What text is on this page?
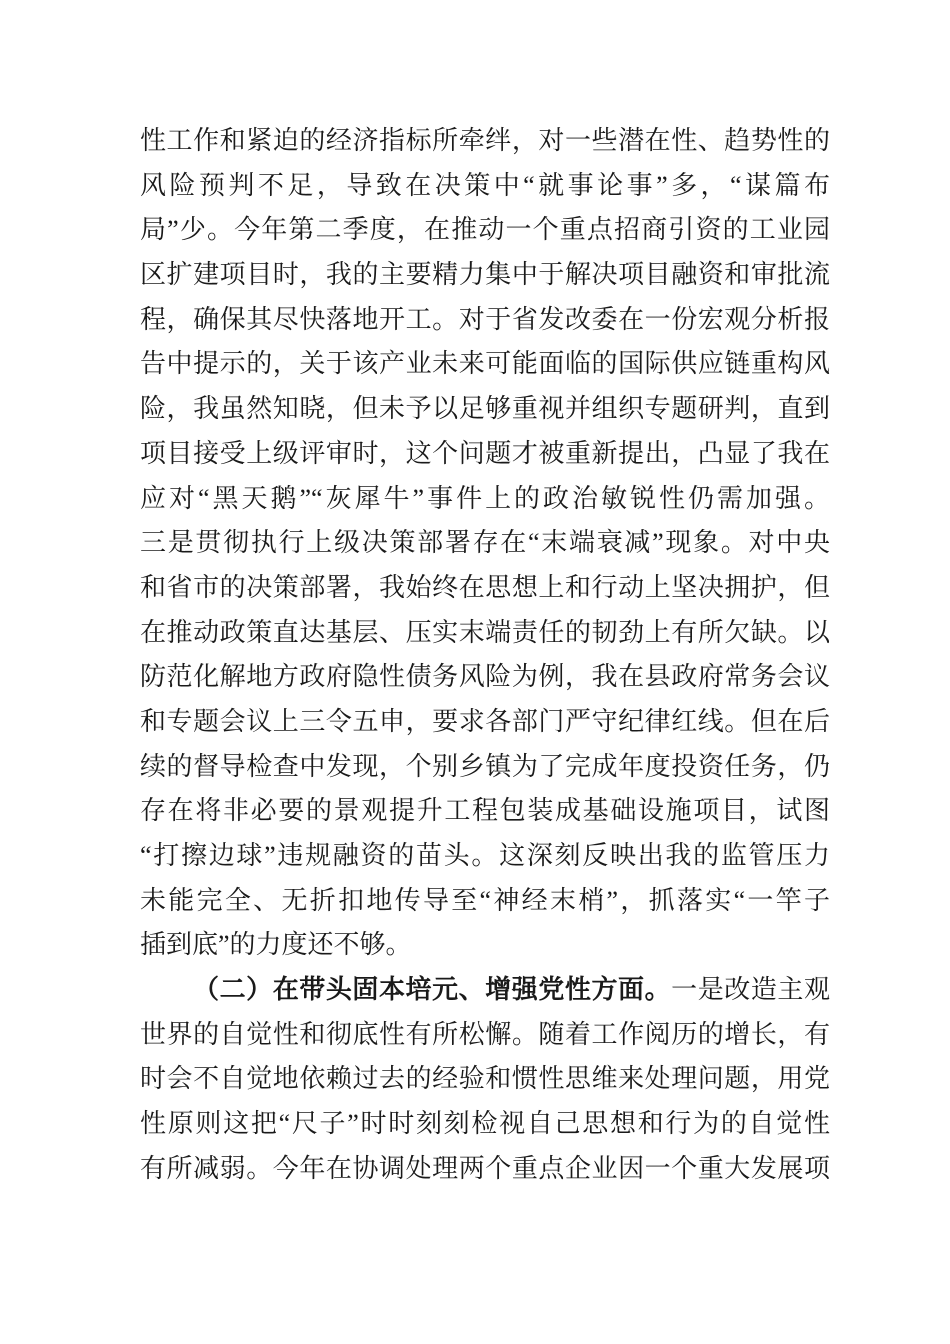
性工作和紧迫的经济指标所牵绊，对一些潜在性、趋势性的
风险预判不足，导致在决策中“就事论事”多，“谋篇布
局”少。今年第二季度，在推动一个重点招商引资的工业园
区扩建项目时，我的主要精力集中于解决项目融资和审批流
程，确保其尽快落地开工。对于省发改委在一份宏观分析报
告中提示的，关于该产业未来可能面临的国际供应链重构风
险，我虽然知晓，但未予以足够重视并组织专题研判，直到
项目接受上级评审时，这个问题才被重新提出，凸显了我在
应对“黑天鹅”“灰犀牛”事件上的政治敏锐性仍需加强。
三是贯彻执行上级决策部署存在“末端衰减”现象。对中央
和省市的决策部署，我始终在思想上和行动上坚决拥护，但
在推动政策直达基层、压实末端责任的韧劲上有所欠缺。以
防范化解地方政府隐性债务风险为例，我在县政府常务会议
和专题会议上三令五申，要求各部门严守纪律红线。但在后
续的督导检查中发现，个别乡镇为了完成年度投资任务，仍
存在将非必要的景观提升工程包装成基础设施项目，试图
“打擦边球”违规融资的苗头。这深刻反映出我的监管压力
未能完全、无折扣地传导至“神经末梢”，抓落实“一竿子
插到底”的力度还不够。
（二）在带头固本培元、增强党性方面。一是改造主观
世界的自觉性和彻底性有所松懈。随着工作阅历的增长，有
时会不自觉地依赖过去的经验和惯性思维来处理问题，用党
性原则这把“尺子”时时刻刻检视自己思想和行为的自觉性
有所减弱。今年在协调处理两个重点企业因一个重大发展项
